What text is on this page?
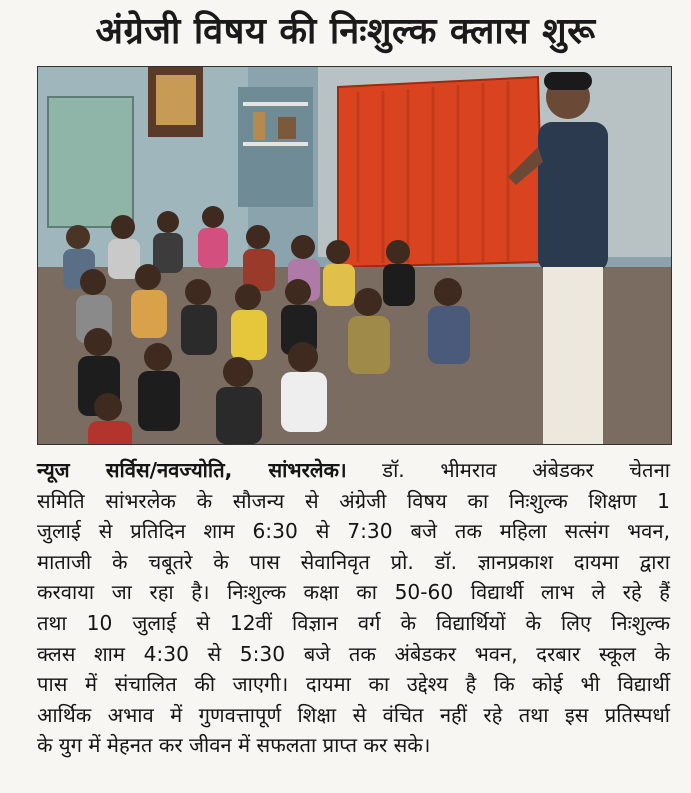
अंग्रेजी विषय की निःशुल्क क्लास शुरू
न्यूज सर्विस/नवज्योति, सांभरलेक। डॉ. भीमराव अंबेडकर चेतना
समिति सांभरलेक के सौजन्य से अंग्रेजी विषय का निःशुल्क शिक्षण 1
जुलाई से प्रतिदिन शाम 6:30 से 7:30 बजे तक महिला सत्संग भवन,
माताजी के चबूतरे के पास सेवानिवृत प्रो. डॉ. ज्ञानप्रकाश दायमा द्वारा
करवाया जा रहा है। निःशुल्क कक्षा का 50-60 विद्यार्थी लाभ ले रहे हैं
तथा 10 जुलाई से 12वीं विज्ञान वर्ग के विद्यार्थियों के लिए निःशुल्क
क्लस शाम 4:30 से 5:30 बजे तक अंबेडकर भवन, दरबार स्कूल के
पास में संचालित की जाएगी। दायमा का उद्देश्य है कि कोई भी विद्यार्थी
आर्थिक अभाव में गुणवत्तापूर्ण शिक्षा से वंचित नहीं रहे तथा इस प्रतिस्पर्धा
के युग में मेहनत कर जीवन में सफलता प्राप्त कर सके।
